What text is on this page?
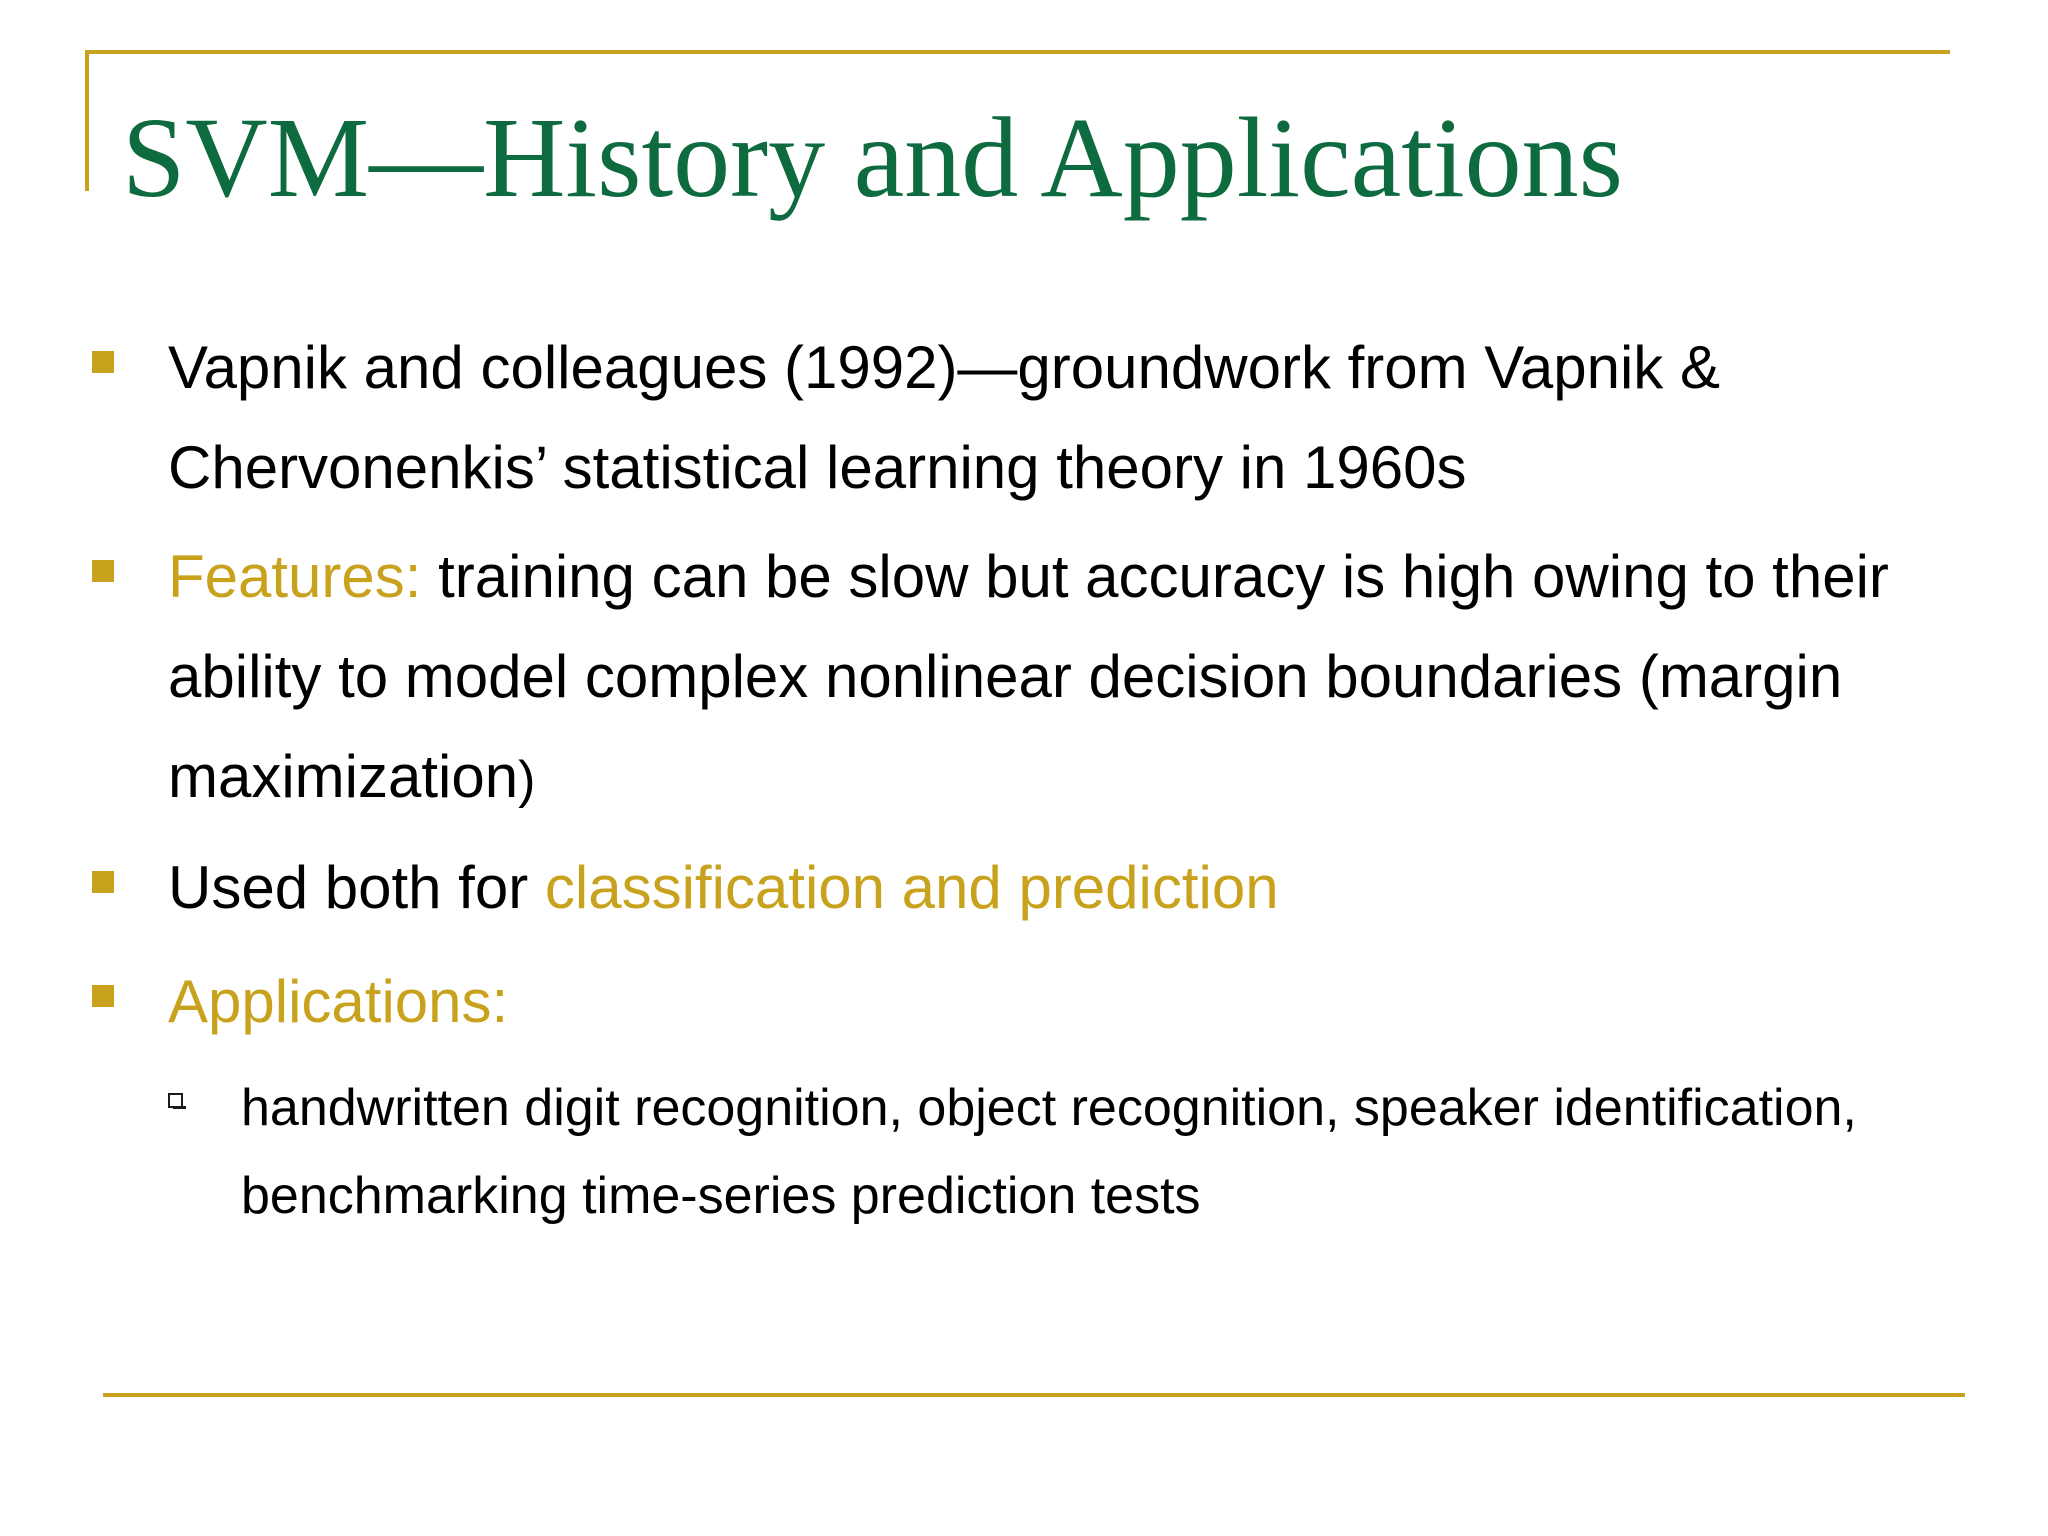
SVM—History and Applications
Vapnik and colleagues (1992)—groundwork from Vapnik & Chervonenkis’ statistical learning theory in 1960s
Features: training can be slow but accuracy is high owing to their ability to model complex nonlinear decision boundaries (margin maximization)
Used both for classification and prediction
Applications:
handwritten digit recognition, object recognition, speaker identification, benchmarking time-series prediction tests
